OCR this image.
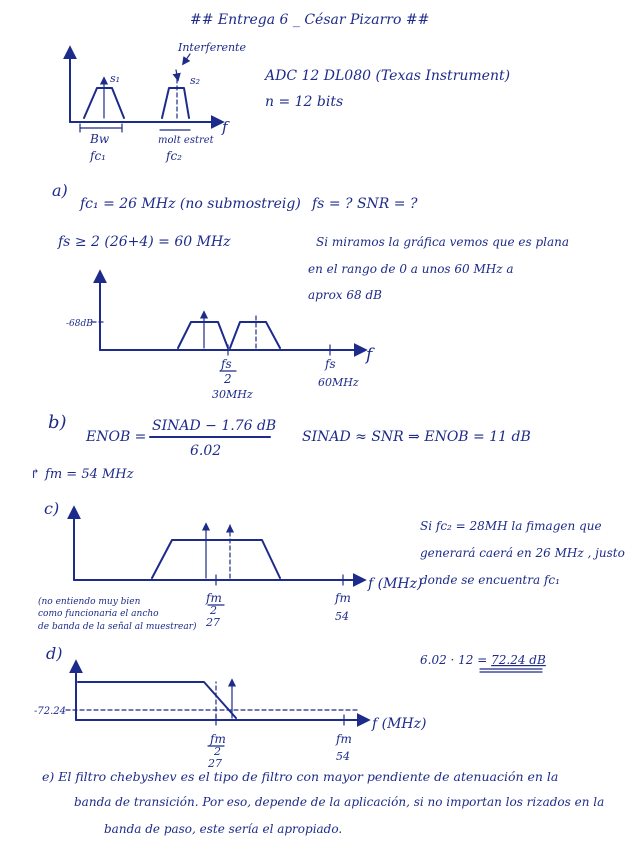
## Entrega 6 _ César Pizarro ##
Interferente
s₁	s₂
Bw
fc₁
molt estret
fc₂
f
ADC 12 DL080 (Texas Instrument)
n = 12 bits
a)
fc₁ = 26 MHz (no submostreig) fs = ? SNR = ?
fs ≥ 2 (26+4) = 60 MHz	Si miramos la gráfica vemos que es plana
en el rango de 0 a unos 60 MHz a
aprox 68 dB
-68dB
fs
2
30MHz
fs
60MHz
f
b)
ENOB =
SINAD − 1.76 dB
6.02
SINAD ≈ SNR ⇒ ENOB = 11 dB
↱ fm = 54 MHz
c)
Si fc₂ = 28MH la fimagen que
generará caerá en 26 MHz , justo
donde se encuentra fc₁
(no entiendo muy bien
como funcionaria el ancho
de banda de la señal al muestrear)
fm
2
27
fm
54
f (MHz)
d)	6.02 · 12 = 72.24 dB
-72.24
fm
2
27
fm
54
f (MHz)
e) El filtro chebyshev es el tipo de filtro con mayor pendiente de atenuación en la
banda de transición. Por eso, depende de la aplicación, si no importan los rizados en la
banda de paso, este sería el apropiado.
